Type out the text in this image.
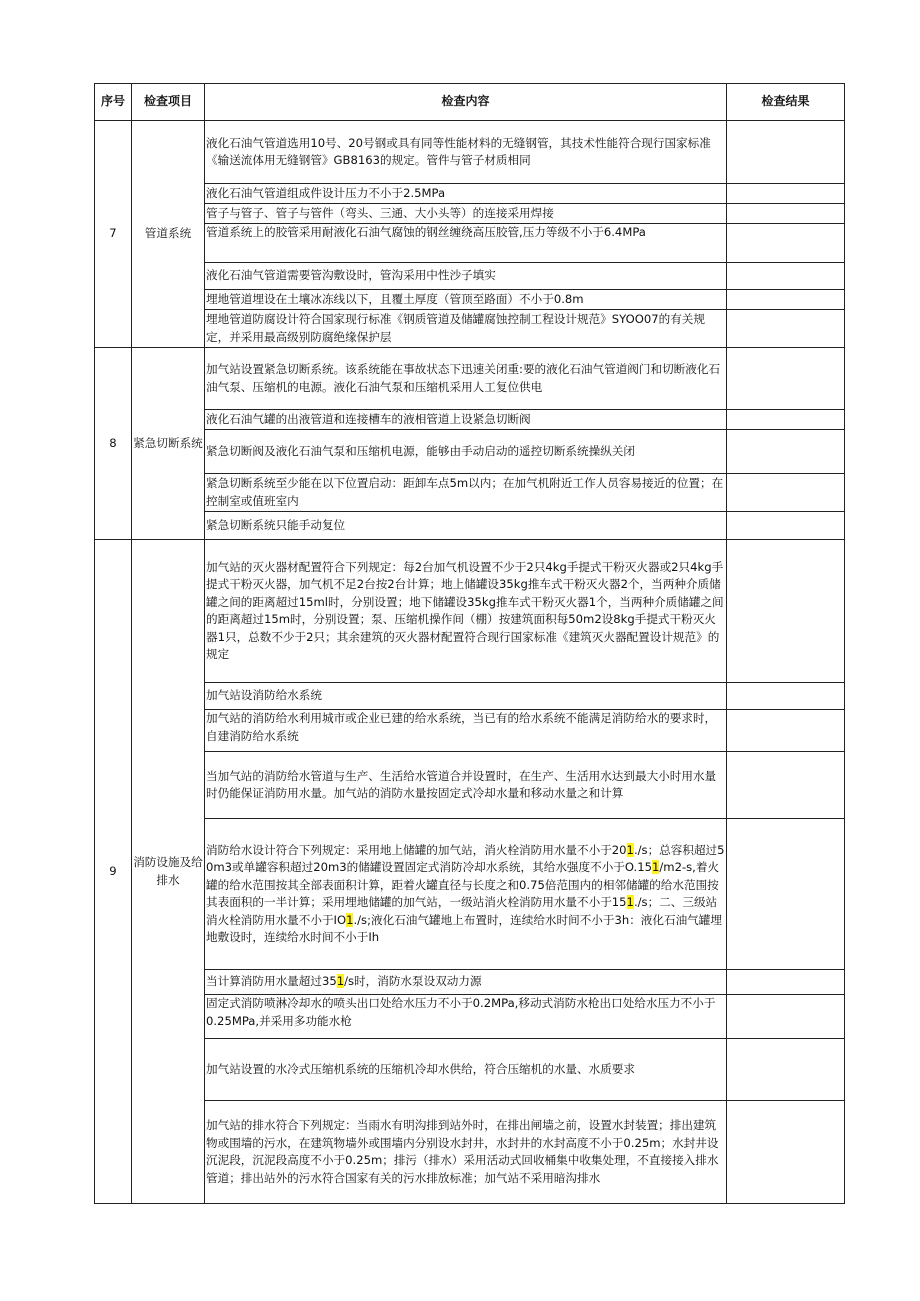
序号	检查项目	检查内容	检查结果
7	管道系统	液化石油气管道选用10号、20号钢或具有同等性能材料的无缝钢管，其技术性能符合现行国家标准《输送流体用无缝钢管》GB8163的规定。管件与管子材质相同	
		液化石油气管道组成件设计压力不小于2.5MPa	
		管子与管子、管子与管件（弯头、三通、大小头等）的连接采用焊接	
		管道系统上的胶管采用耐液化石油气腐蚀的钢丝缠绕高压胶管,压力等级不小于6.4MPa	
		液化石油气管道需要管沟敷设时，管沟采用中性沙子填实	
		埋地管道埋设在土壤冰冻线以下，且覆土厚度（管顶至路面）不小于0.8m	
		埋地管道防腐设计符合国家现行标准《钢质管道及储罐腐蚀控制工程设计规范》SYOO07的有关规定，并采用最高级别防腐绝缘保护层	
8	紧急切断系统	加气站设置紧急切断系统。该系统能在事故状态下迅速关闭重:要的液化石油气管道阀门和切断液化石油气泵、压缩机的电源。液化石油气泵和压缩机采用人工复位供电	
		液化石油气罐的出液管道和连接槽车的液相管道上设紧急切断阀	
		紧急切断阀及液化石油气泵和压缩机电源，能够由手动启动的遥控切断系统操纵关闭	
		紧急切断系统至少能在以下位置启动：距卸车点5m以内；在加气机附近工作人员容易接近的位置；在控制室或值班室内	
		紧急切断系统只能手动复位	
9	消防设施及给排水	加气站的灭火器材配置符合下列规定：每2台加气机设置不少于2只4kg手提式干粉灭火器或2只4kg手提式干粉灭火器，加气机不足2台按2台计算；地上储罐设35kg推车式干粉灭火器2个，当两种介质储罐之间的距离超过15ml时，分别设置；地下储罐设35kg推车式干粉灭火器1个，当两种介质储罐之间的距离超过15m时，分别设置；泵、压缩机操作间（棚）按建筑面积每50m2设8kg手提式干粉灭火器1只，总数不少于2只；其余建筑的灭火器材配置符合现行国家标准《建筑灭火器配置设计规范》的规定	
		加气站设消防给水系统	
		加气站的消防给水利用城市或企业已建的给水系统，当已有的给水系统不能满足消防给水的要求时，自建消防给水系统	
		当加气站的消防给水管道与生产、生活给水管道合并设置时，在生产、生活用水达到最大小时用水量时仍能保证消防用水量。加气站的消防水量按固定式冷却水量和移动水量之和计算	
		消防给水设计符合下列规定：采用地上储罐的加气站，消火栓消防用水量不小于201./s；总容积超过50m3或单罐容积超过20m3的储罐设置固定式消防冷却水系统，其给水强度不小于O.151/m2-s,着火罐的给水范围按其全部表面积计算，距着火罐直径与长度之和0.75倍范围内的相邻储罐的给水范围按其表面积的一半计算；采用埋地储罐的加气站，一级站消火栓消防用水量不小于151./s；二、三级站消火栓消防用水量不小于IO1./s;液化石油气罐地上布置时，连续给水时间不小于3h：液化石油气罐埋地敷设时，连续给水时间不小于Ih	
		当计算消防用水量超过351/s时，消防水泵设双动力源	
		固定式消防喷淋冷却水的喷头出口处给水压力不小于0.2MPa,移动式消防水枪出口处给水压力不小于0.25MPa,并采用多功能水枪	
		加气站设置的水冷式压缩机系统的压缩机冷却水供给，符合压缩机的水量、水质要求	
		加气站的排水符合下列规定：当雨水有明沟排到站外时，在排出闸墙之前，设置水封装置；排出建筑物或围墙的污水，在建筑物墙外或围墙内分别设水封井，水封井的水封高度不小于0.25m；水封井设沉泥段，沉泥段高度不小于0.25m；排污（排水）采用活动式回收桶集中收集处理，不直接接入排水管道；排出站外的污水符合国家有关的污水排放标准；加气站不采用暗沟排水	
